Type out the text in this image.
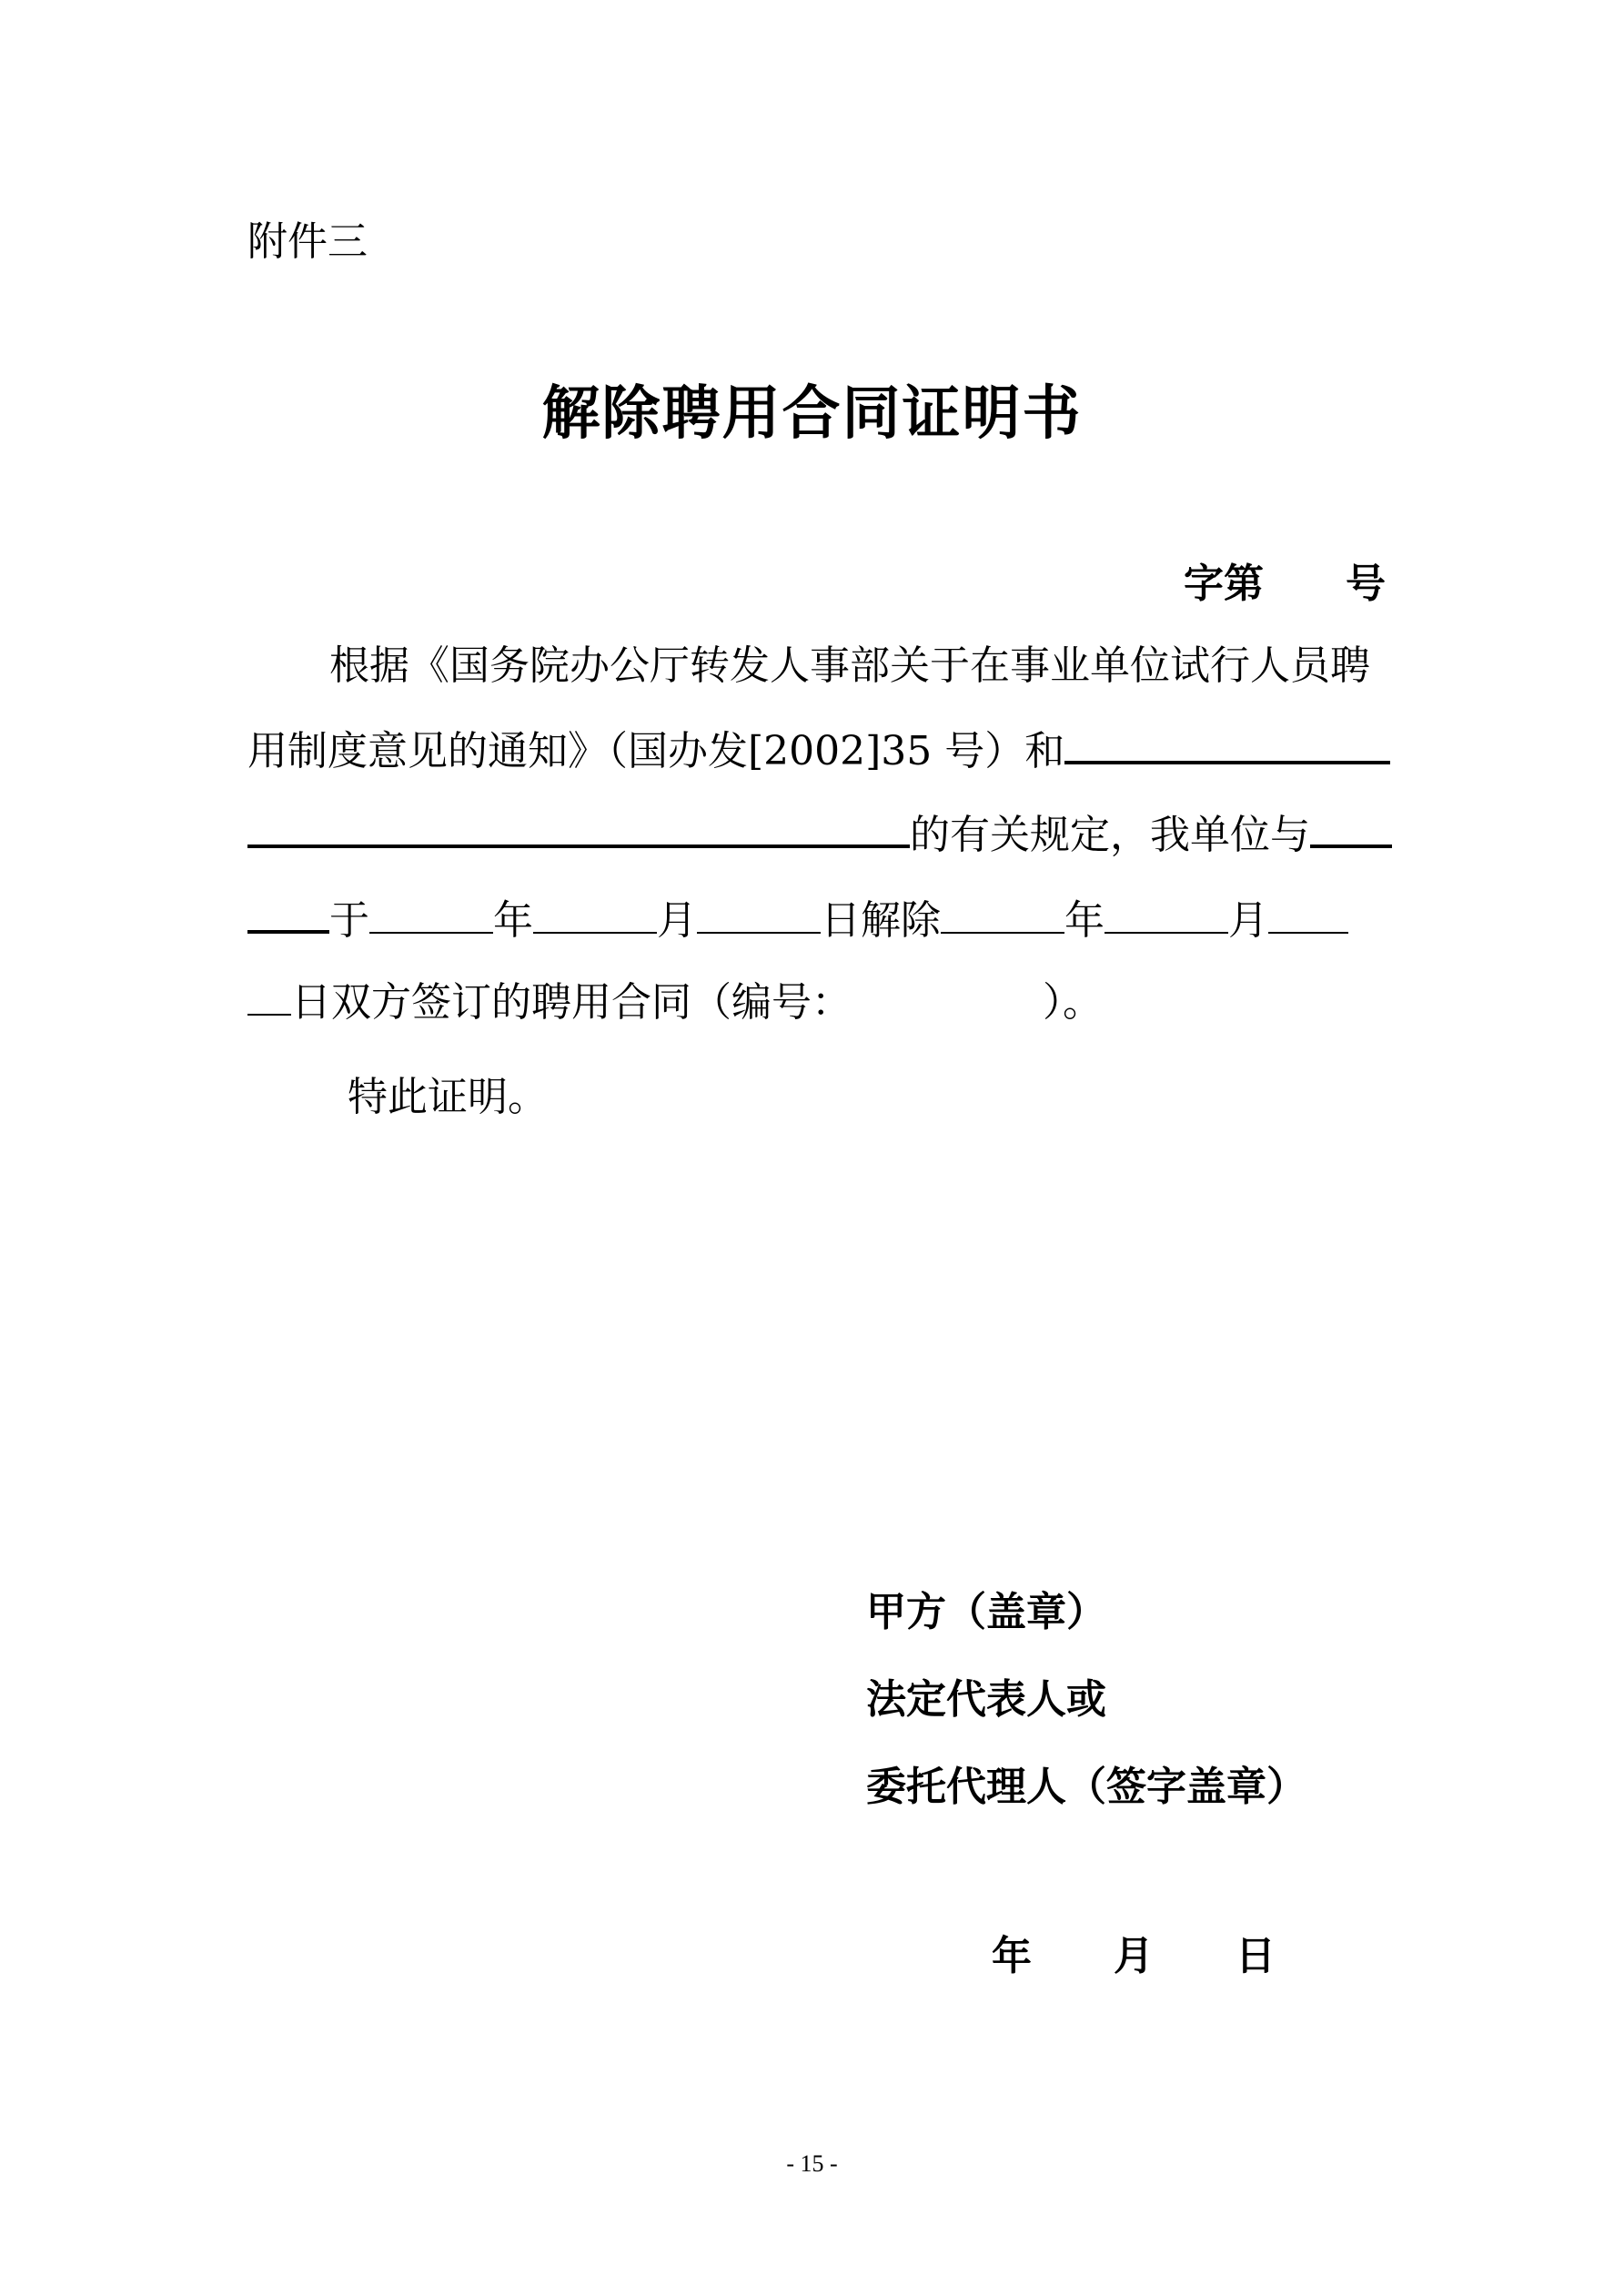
附件三
解除聘用合同证明书
字第 号
根据《国务院办公厅转发人事部关于在事业单位试行人员聘
用制度意见的通知》（国办发[2002]35 号）和
的有关规定，我单位与
于	年	月	日解除	年	月
日双方签订的聘用合同（编号：	）。
特此证明。
甲方（盖章）
法定代表人或
委托代理人（签字盖章）
年 月 日
- 15 -
